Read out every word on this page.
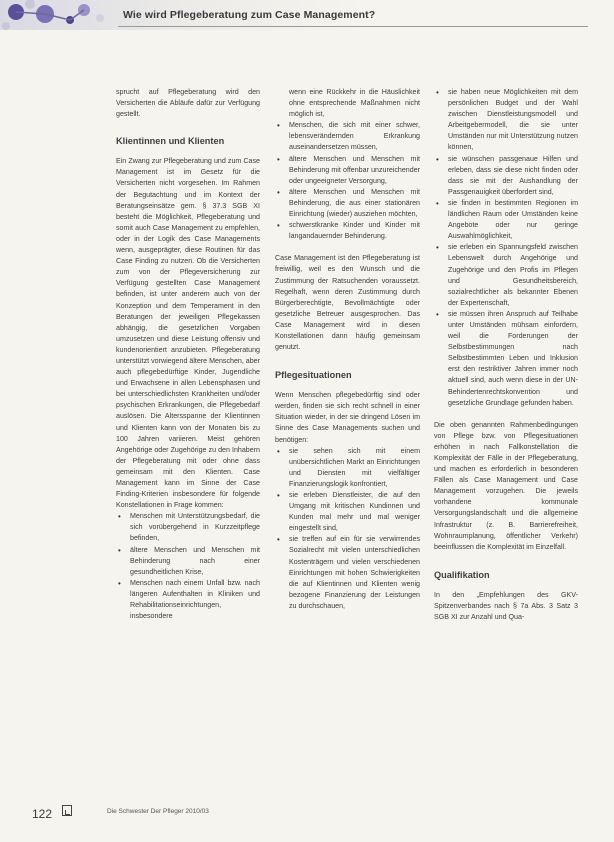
Wie wird Pflegeberatung zum Case Management?

sprucht auf Pflegeberatung wird den Versicherten die Abläufe dafür zur Verfügung gestellt.

Klientinnen und Klienten

Ein Zwang zur Pflegeberatung und zum Case Management ist im Gesetz für die Versicherten nicht vorgesehen. Im Rahmen der Begutachtung und im Kontext der Beratungseinsätze gem. § 37.3 SGB XI besteht die Möglichkeit, Pflegeberatung und somit auch Case Management zu empfehlen, oder in der Logik des Case Managements wenn, ausgeprägter, diese Routinen für das Case Finding zu nutzen. Ob die Versicherten zum von der Pflegeversicherung zur Verfügung gestellten Case Management befinden, ist unter anderem auch von der Konzeption und dem Temperament in den Beratungen der jeweiligen Pflegekassen abhängig, die gesetzlichen Vorgaben umzusetzen und diese Leistung offensiv und kundenorientiert anzubieten. Pflegeberatung unterstützt vorwiegend ältere Menschen, aber auch pflegebedürftige Kinder, Jugendliche und Erwachsene in allen Lebensphasen und bei unterschiedlichsten Krankheiten und/oder psychischen Erkrankungen, die Pflegebedarf auslösen. Die Altersspanne der Klientinnen und Klienten kann von der Monaten bis zu 100 Jahren variieren. Meist gehören Angehörige oder Zugehörige zu den Inhabern der Pflegeberatung mit oder ohne dass gemeinsam mit den Klienten. Case Management kann im Sinne der Case Finding-Kriterien insbesondere für folgende Konstellationen in Frage kommen:

• Menschen mit Unterstützungsbedarf, die sich vorübergehend in Kurzzeitpflege befinden,
• ältere Menschen und Menschen mit Behinderung nach einer gesundheitlichen Krise,
• Menschen nach einem Unfall bzw. nach längeren Aufenthalten in Kliniken und Rehabilitationseinrichtungen, insbesondere

wenn eine Rückkehr in die Häuslichkeit ohne entsprechende Maßnahmen nicht möglich ist,

• Menschen, die sich mit einer schwer, lebensverändernden Erkrankung auseinandersetzen müssen,
• ältere Menschen und Menschen mit Behinderung mit offenbar unzureichender oder ungeeigneter Versorgung,
• ältere Menschen und Menschen mit Behinderung, die aus einer stationären Einrichtung (wieder) ausziehen möchten,
• schwerstkranke Kinder und Kinder mit langandauernder Behinderung.

Case Management ist den Pflegeberatung ist freiwillig, weil es den Wunsch und die Zustimmung der Ratsuchenden voraussetzt. Regelhaft, wenn deren Zustimmung durch Bürgerberechtigte, Bevollmächtigte oder gesetzliche Betreuer ausgesprochen. Das Case Management wird in diesen Konstellationen dann häufig gemeinsam genutzt.

Pflegesituationen

Wenn Menschen pflegebedürftig sind oder werden, finden sie sich recht schnell in einer Situation wieder, in der sie dringend Lösen im Sinne des Case Managements suchen und benötigen:

• sie sehen sich mit einem unübersichtlichen Markt an Einrichtungen und Diensten mit vielfältiger Finanzierungslogik konfrontiert,
• sie erleben Dienstleister, die auf den Umgang mit kritischen Kundinnen und Kunden mal mehr und mal weniger eingestellt sind,
• sie treffen auf ein für sie verwirrendes Sozialrecht mit vielen unterschiedlichen Kostenträgern und vielen verschiedenen Einrichtungen mit hohen Schwierigkeiten die auf Klientinnen und Klienten wenig bezogene Finanzierung der Leistungen zu durchschauen,
• sie haben neue Möglichkeiten mit dem persönlichen Budget und der Wahl zwischen Dienstleistungsmodell und Arbeitgebermodell, die sie unter Umständen nur mit Unterstützung nutzen können,
• sie wünschen passgenaue Hilfen und erleben, dass sie diese nicht finden oder dass sie mit der Aushandlung der Passgenauigkeit überfordert sind,
• sie finden in bestimmten Regionen im ländlichen Raum oder Umständen keine Angebote oder nur geringe Auswahlmöglichkeit,
• sie erleben ein Spannungsfeld zwischen Lebenswelt durch Angehörige und Zugehörige und den Profis im Pflegen und Gesundheitsbereich, sozialrechtlicher als bekannter Ebenen der Expertenschaft,
• sie müssen ihren Anspruch auf Teilhabe unter Umständen mühsam einfordern, weil die Forderungen der Selbstbestimmungen nach Selbstbestimmten Leben und Inklusion erst den restriktiver Jahren immer noch aktuell sind, auch wenn diese in der UN-Behindertenrechtskonvention und gesetzliche Grundlage gefunden haben.

Die oben genannten Rahmenbedingungen von Pflege bzw. von Pflegesituationen erhöhen in nach Fallkonstellation die Komplexität der Fälle in der Pflegeberatung, und machen es erforderlich in besonderen Fällen als Case Management und Case Management vorzugehen. Die jeweils vorhandene kommunale Versorgungslandschaft und die allgemeine Infrastruktur (z. B. Barrierefreiheit, Wohnraumplanung, öffentlicher Verkehr) beeinflussen die Komplexität im Einzelfall.

Qualifikation

In den „Empfehlungen des GKV-Spitzenverbandes nach § 7a Abs. 3 Satz 3 SGB XI zur Anzahl und Qua-

122	Die Schwester Der Pfleger 2010/03
